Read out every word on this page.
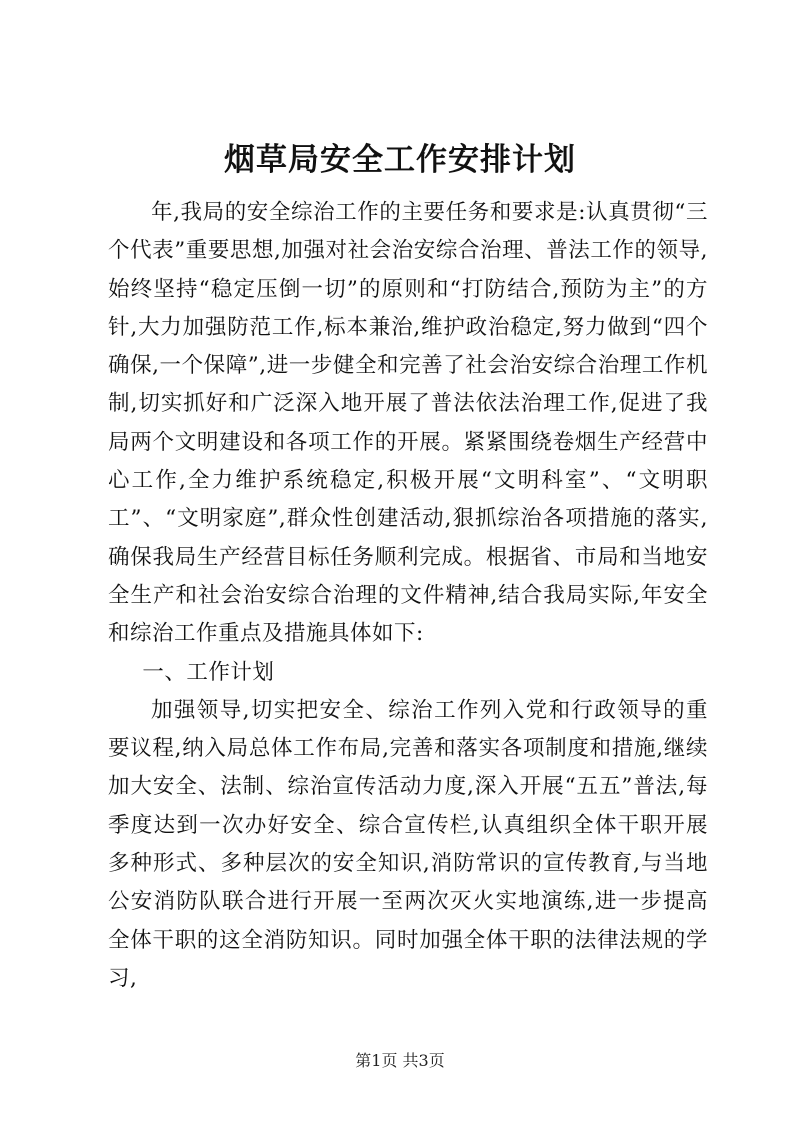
烟草局安全工作安排计划

年,我局的安全综治工作的主要任务和要求是:认真贯彻“三个代表”重要思想,加强对社会治安综合治理、普法工作的领导,始终坚持“稳定压倒一切”的原则和“打防结合,预防为主”的方针,大力加强防范工作,标本兼治,维护政治稳定,努力做到“四个确保,一个保障”,进一步健全和完善了社会治安综合治理工作机制,切实抓好和广泛深入地开展了普法依法治理工作,促进了我局两个文明建设和各项工作的开展。紧紧围绕卷烟生产经营中心工作,全力维护系统稳定,积极开展“文明科室”、“文明职工”、“文明家庭”,群众性创建活动,狠抓综治各项措施的落实,确保我局生产经营目标任务顺利完成。根据省、市局和当地安全生产和社会治安综合治理的文件精神,结合我局实际,年安全和综治工作重点及措施具体如下:

一、工作计划

加强领导,切实把安全、综治工作列入党和行政领导的重要议程,纳入局总体工作布局,完善和落实各项制度和措施,继续加大安全、法制、综治宣传活动力度,深入开展“五五”普法,每季度达到一次办好安全、综合宣传栏,认真组织全体干职开展多种形式、多种层次的安全知识,消防常识的宣传教育,与当地公安消防队联合进行开展一至两次灭火实地演练,进一步提高全体干职的这全消防知识。同时加强全体干职的法律法规的学习,

第1页 共3页
